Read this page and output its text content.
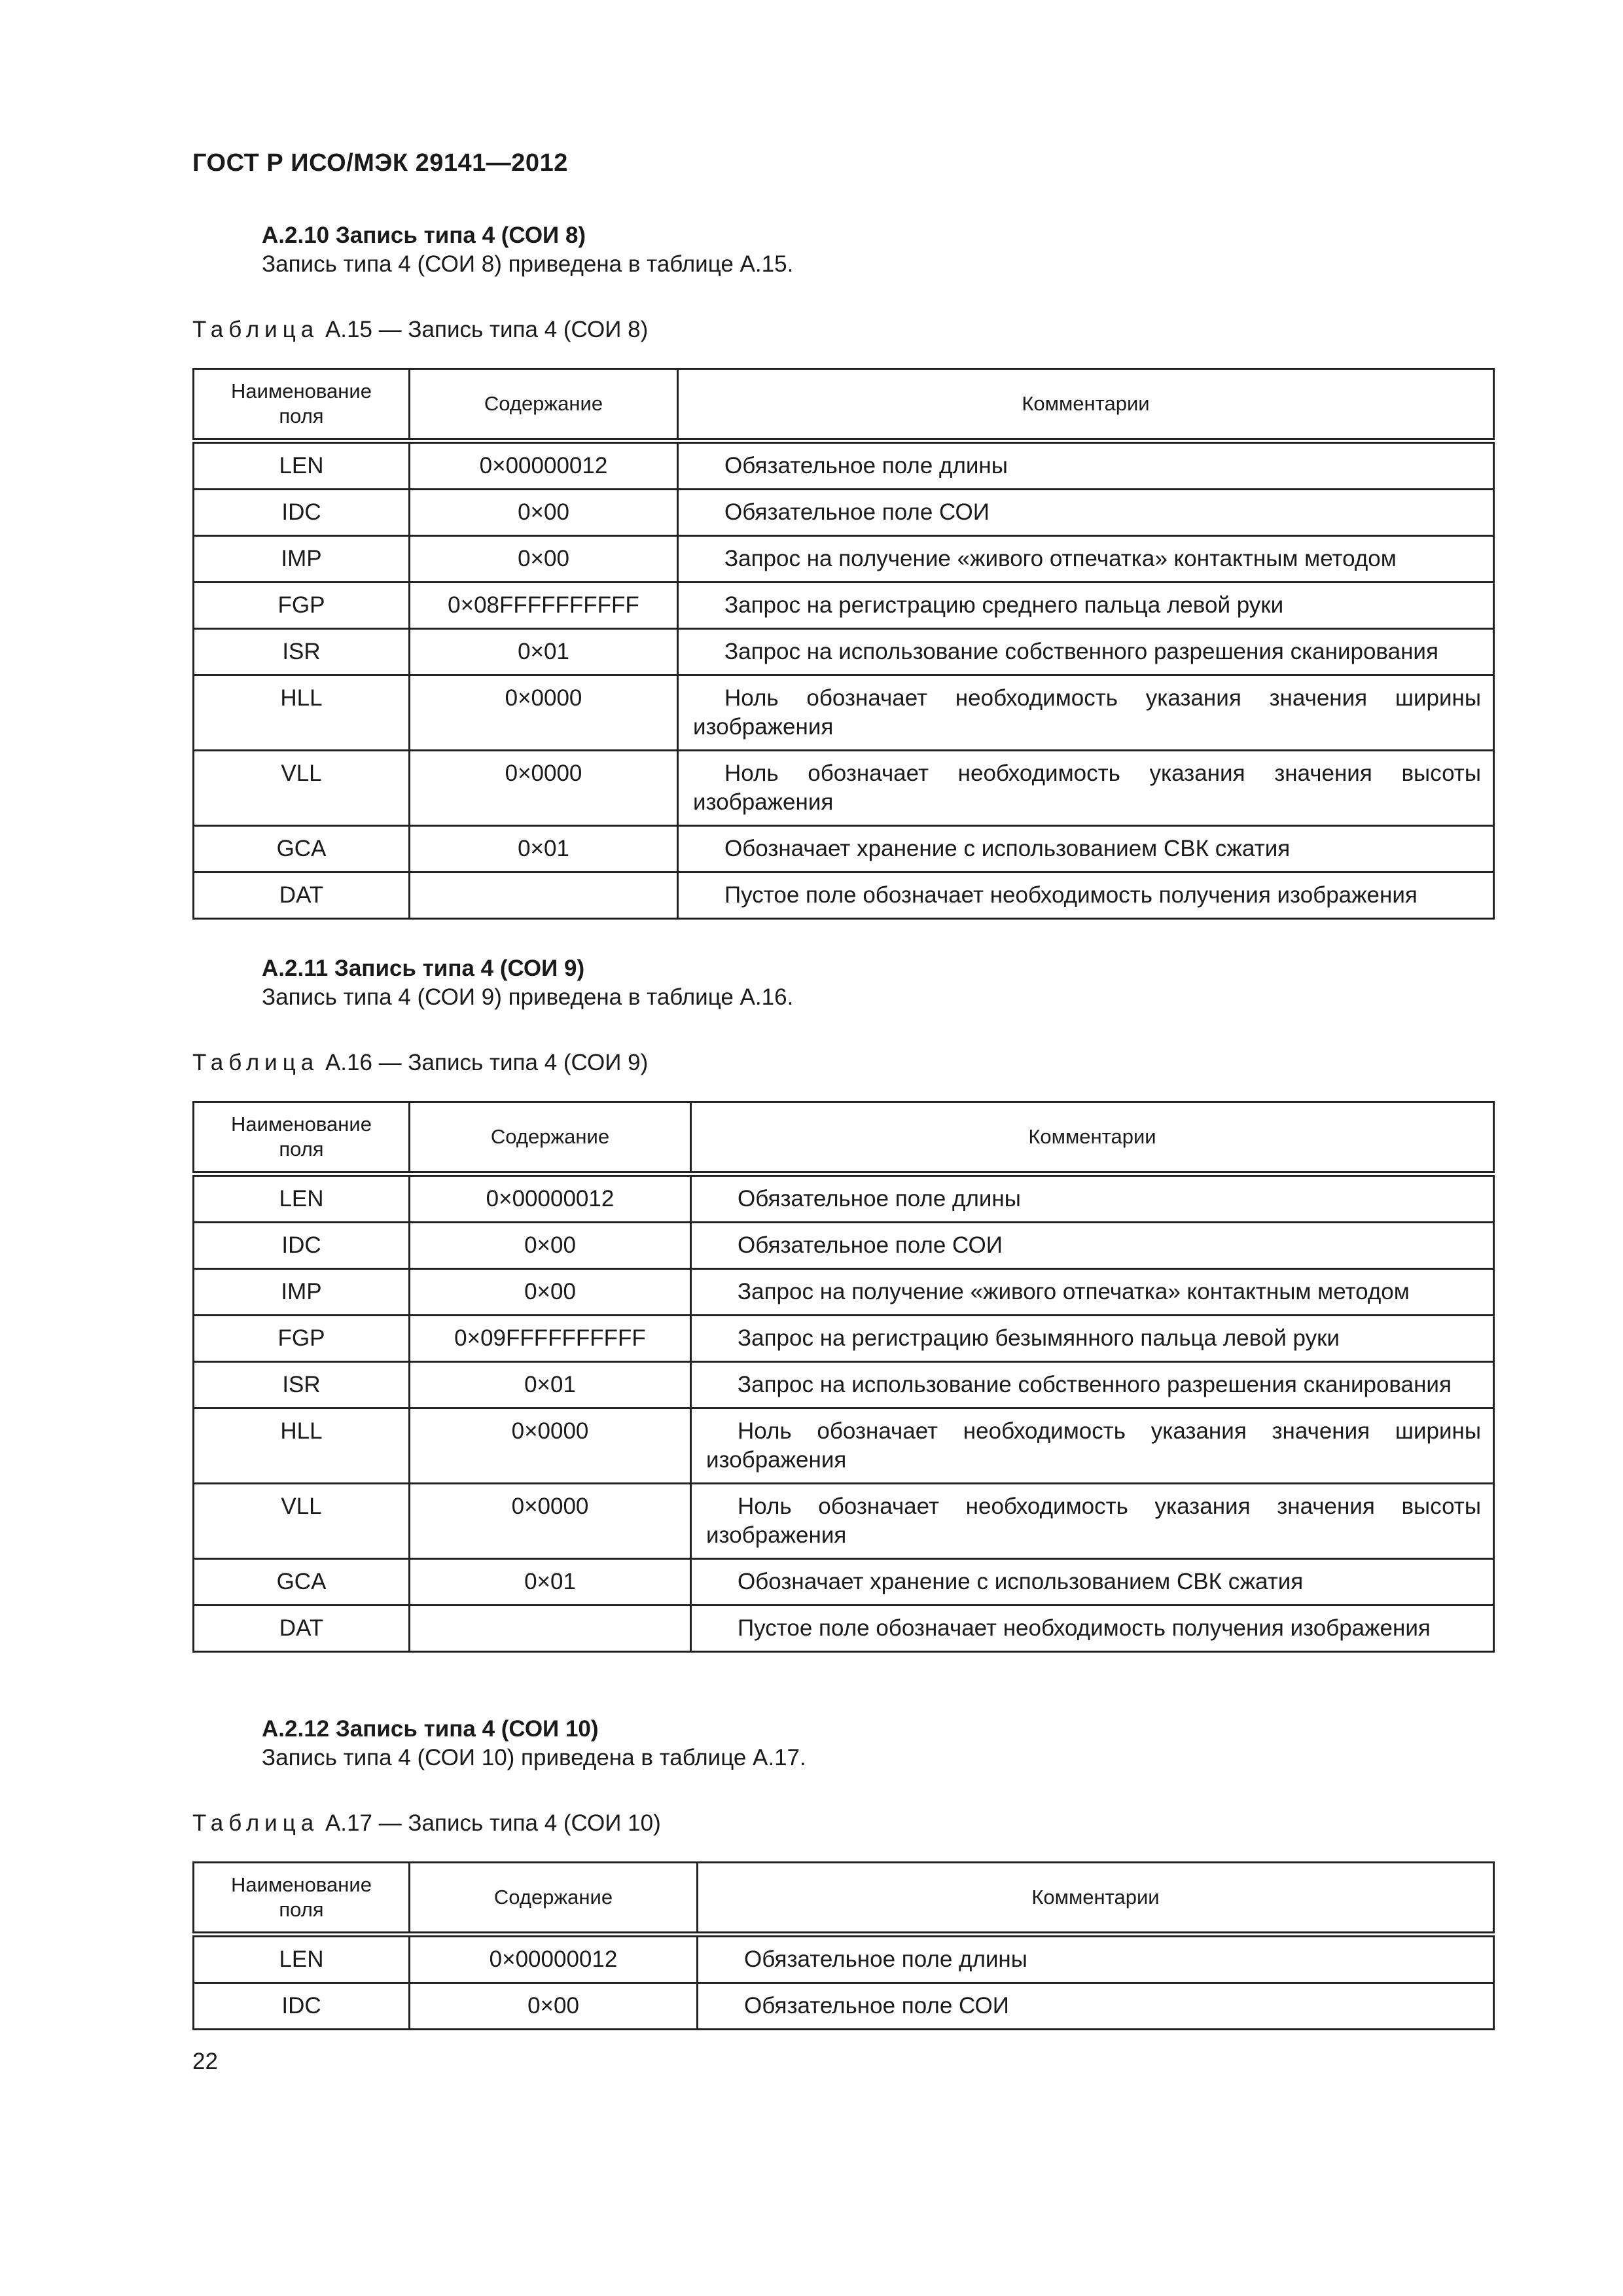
ГОСТ Р ИСО/МЭК 29141—2012
А.2.10 Запись типа 4 (СОИ 8)
Запись типа 4 (СОИ 8) приведена в таблице А.15.
Таблица А.15 — Запись типа 4 (СОИ 8)
Наименование поля	Содержание	Комментарии
LEN	0×00000012	Обязательное поле длины
IDC	0×00	Обязательное поле СОИ
IMP	0×00	Запрос на получение «живого отпечатка» контактным методом
FGP	0×08FFFFFFFFFF	Запрос на регистрацию среднего пальца левой руки
ISR	0×01	Запрос на использование собственного разрешения сканирования
HLL	0×0000	Ноль обозначает необходимость указания значения ширины изображения
VLL	0×0000	Ноль обозначает необходимость указания значения высоты изображения
GCA	0×01	Обозначает хранение с использованием СВК сжатия
DAT		Пустое поле обозначает необходимость получения изображения
А.2.11 Запись типа 4 (СОИ 9)
Запись типа 4 (СОИ 9) приведена в таблице А.16.
Таблица А.16 — Запись типа 4 (СОИ 9)
Наименование поля	Содержание	Комментарии
LEN	0×00000012	Обязательное поле длины
IDC	0×00	Обязательное поле СОИ
IMP	0×00	Запрос на получение «живого отпечатка» контактным методом
FGP	0×09FFFFFFFFFF	Запрос на регистрацию безымянного пальца левой руки
ISR	0×01	Запрос на использование собственного разрешения сканирования
HLL	0×0000	Ноль обозначает необходимость указания значения ширины изображения
VLL	0×0000	Ноль обозначает необходимость указания значения высоты изображения
GCA	0×01	Обозначает хранение с использованием СВК сжатия
DAT		Пустое поле обозначает необходимость получения изображения
А.2.12 Запись типа 4 (СОИ 10)
Запись типа 4 (СОИ 10) приведена в таблице А.17.
Таблица А.17 — Запись типа 4 (СОИ 10)
Наименование поля	Содержание	Комментарии
LEN	0×00000012	Обязательное поле длины
IDC	0×00	Обязательное поле СОИ
22
